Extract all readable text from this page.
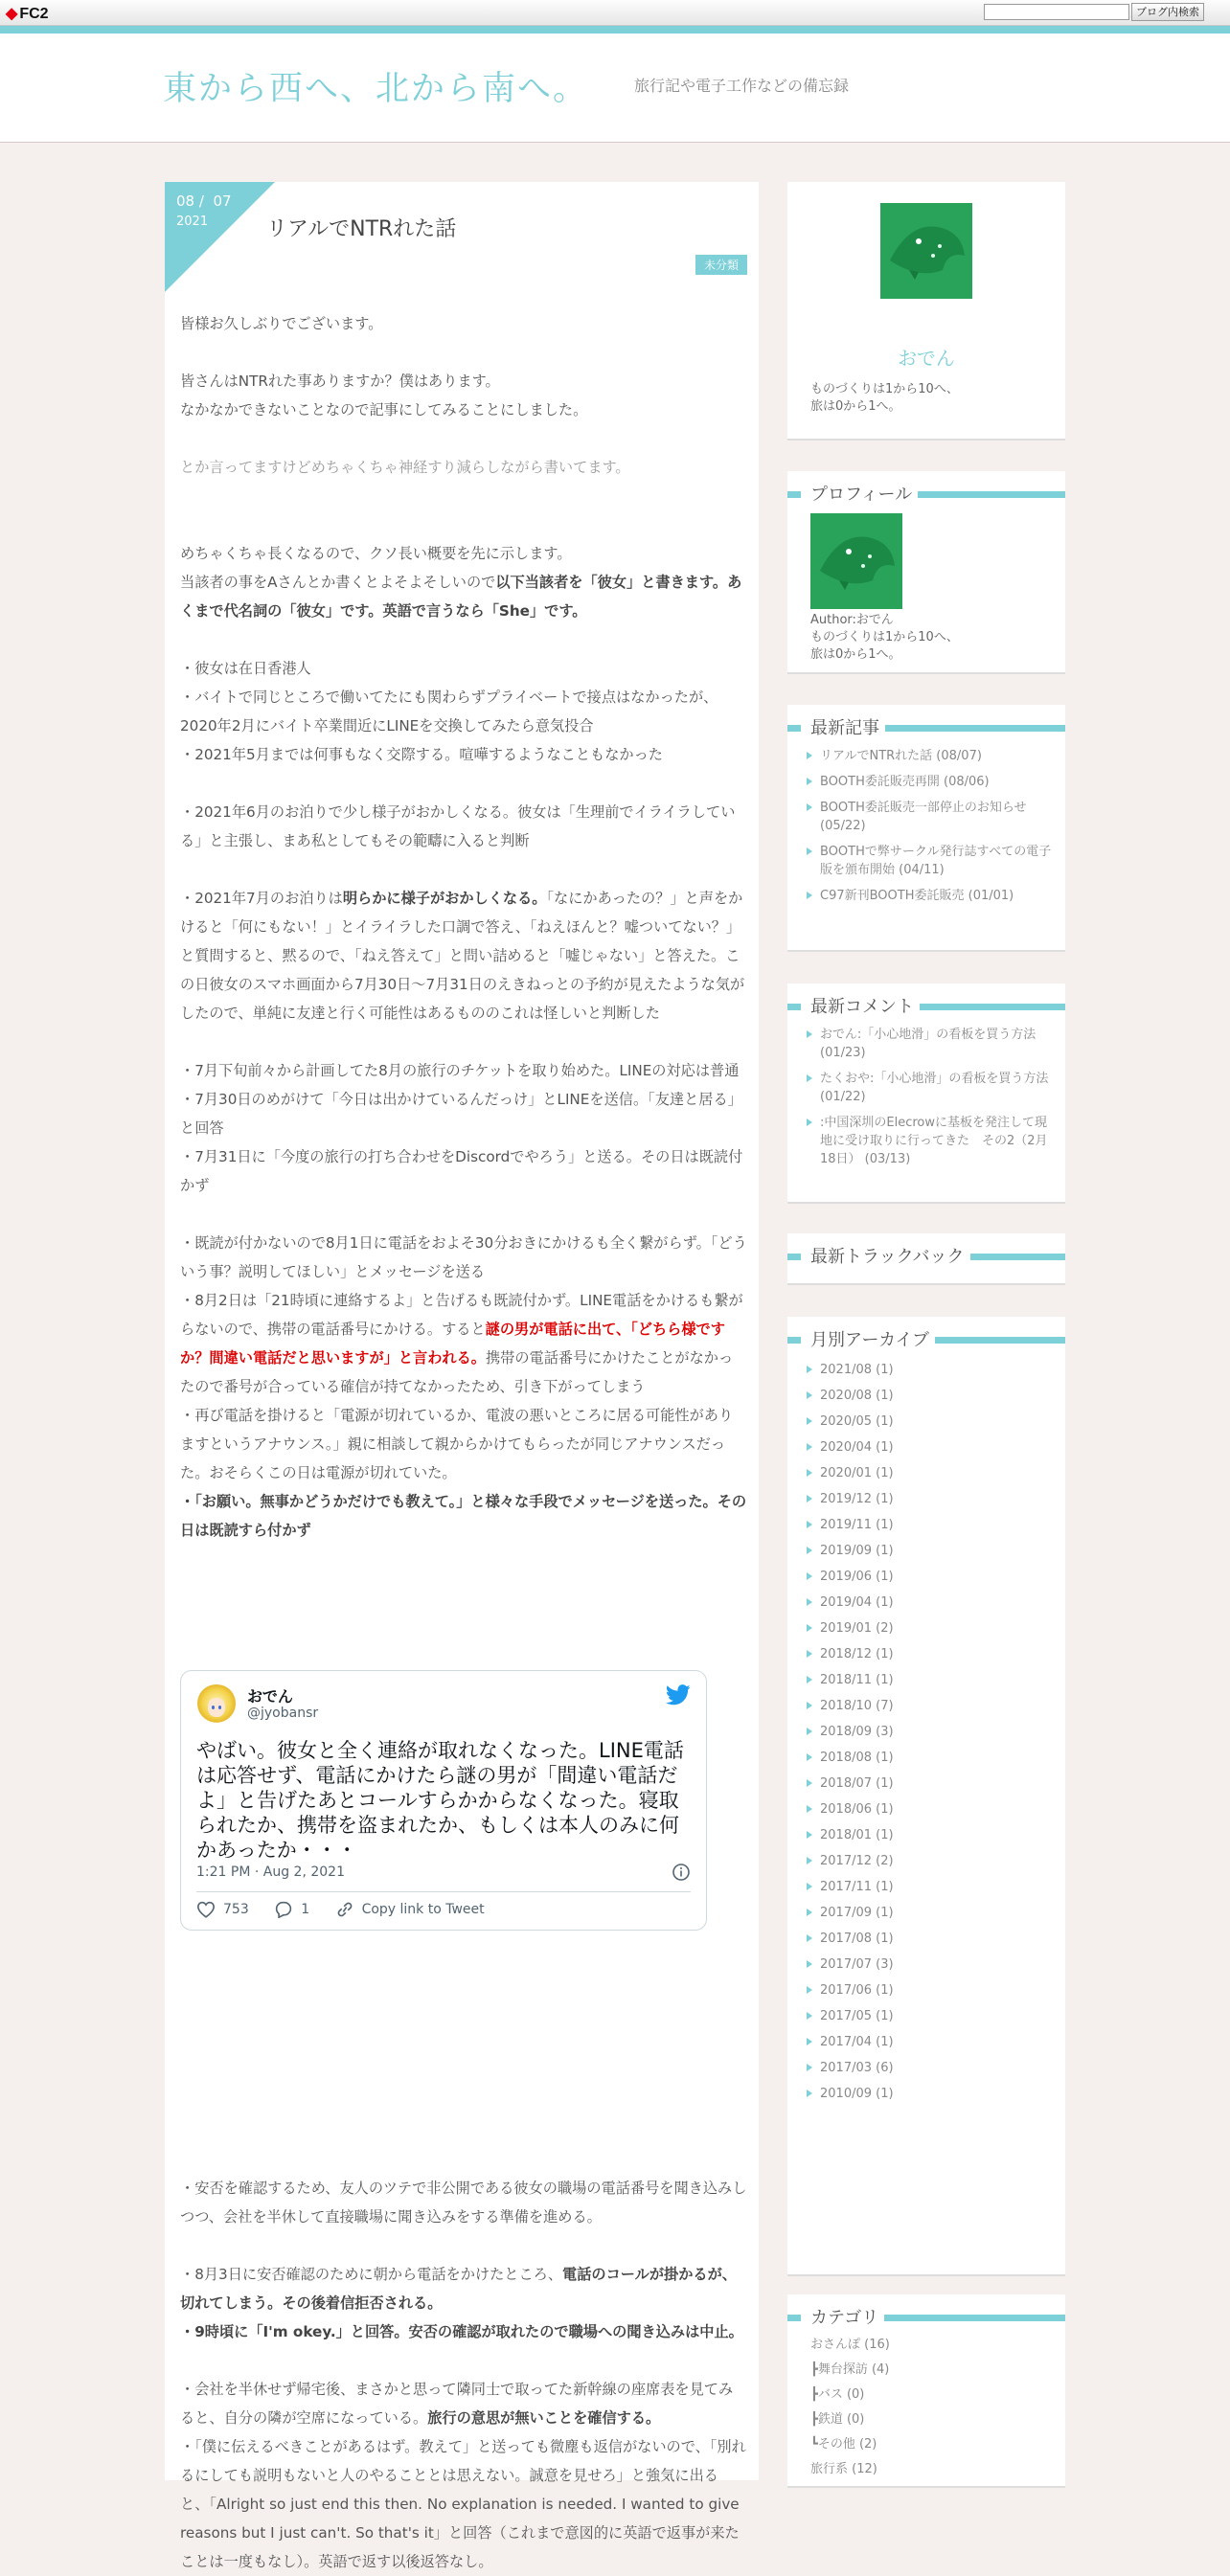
◆ FC2	ブログ内検索
東から西へ、北から南へ。	旅行記や電子工作などの備忘録
08 /  07
2021	リアルでNTRれた話
未分類

皆様お久しぶりでございます。

皆さんはNTRれた事ありますか？僕はあります。

なかなかできないことなので記事にしてみることにしました。

とか言ってますけどめちゃくちゃ神経すり減らしながら書いてます。

めちゃくちゃ長くなるので、クソ長い概要を先に示します。

当該者の事をAさんとか書くとよそよそしいので以下当該者を「彼女」と書きます。あくまで代名詞の「彼女」です。英語で言うなら「She」です。

・彼女は在日香港人

・バイトで同じところで働いてたにも関わらずプライベートで接点はなかったが、2020年2月にバイト卒業間近にLINEを交換してみたら意気投合

・2021年5月までは何事もなく交際する。喧嘩するようなこともなかった

・2021年6月のお泊りで少し様子がおかしくなる。彼女は「生理前でイライラしている」と主張し、まあ私としてもその範疇に入ると判断

・2021年7月のお泊りは明らかに様子がおかしくなる。「なにかあったの？」と声をかけると「何にもない！」とイライラした口調で答え、「ねえほんと？嘘ついてない？」と質問すると、黙るので、「ねえ答えて」と問い詰めると「嘘じゃない」と答えた。この日彼女のスマホ画面から7月30日～7月31日のえきねっとの予約が見えたような気がしたので、単純に友達と行く可能性はあるもののこれは怪しいと判断した

・7月下旬前々から計画してた8月の旅行のチケットを取り始めた。LINEの対応は普通

・7月30日のめがけて「今日は出かけているんだっけ」とLINEを送信。「友達と居る」と回答

・7月31日に「今度の旅行の打ち合わせをDiscordでやろう」と送る。その日は既読付かず

・既読が付かないので8月1日に電話をおよそ30分おきにかけるも全く繋がらず。「どういう事？説明してほしい」とメッセージを送る

・8月2日は「21時頃に連絡するよ」と告げるも既読付かず。LINE電話をかけるも繋がらないので、携帯の電話番号にかける。すると謎の男が電話に出て、「どちら様ですか？間違い電話だと思いますが」と言われる。携帯の電話番号にかけたことがなかったので番号が合っている確信が持てなかったため、引き下がってしまう

・再び電話を掛けると「電源が切れているか、電波の悪いところに居る可能性がありますというアナウンス。」親に相談して親からかけてもらったが同じアナウンスだった。おそらくこの日は電源が切れていた。

・「お願い。無事かどうかだけでも教えて。」と様々な手段でメッセージを送った。その日は既読すら付かず

おでん
@jyobansr
やばい。彼女と全く連絡が取れなくなった。LINE電話は応答せず、電話にかけたら謎の男が「間違い電話だよ」と告げたあとコールすらかからなくなった。寝取られたか、携帯を盗まれたか、もしくは本人のみに何かあったか・・・
1:21 PM · Aug 2, 2021
753
	1
	Copy link to Tweet

・安否を確認するため、友人のツテで非公開である彼女の職場の電話番号を聞き込みしつつ、会社を半休して直接職場に聞き込みをする準備を進める。

・8月3日に安否確認のために朝から電話をかけたところ、電話のコールが掛かるが、切れてしまう。その後着信拒否される。

・9時頃に「I'm okey.」と回答。安否の確認が取れたので職場への聞き込みは中止。

・会社を半休せず帰宅後、まさかと思って隣同士で取ってた新幹線の座席表を見てみると、自分の隣が空席になっている。旅行の意思が無いことを確信する。

・「僕に伝えるべきことがあるはず。教えて」と送っても微塵も返信がないので、「別れるにしても説明もないと人のやることとは思えない。誠意を見せろ」と強気に出ると、「Alright so just end this then. No explanation is needed. I wanted to give reasons but I just can't. So that's it」と回答（これまで意図的に英語で返事が来たことは一度もなし）。英語で返す以後返答なし。

おでん
ものづくりは1から10へ、
旅は0から1へ。
プロフィール
Author:おでん
ものづくりは1から10へ、
旅は0から1へ。
最新記事
リアルでNTRれた話 (08/07)
BOOTH委託販売再開 (08/06)
BOOTH委託販売一部停止のお知らせ (05/22)
BOOTHで弊サークル発行誌すべての電子版を頒布開始 (04/11)
C97新刊BOOTH委託販売 (01/01)
最新コメント
おでん:「小心地滑」の看板を買う方法 (01/23)
たくおや:「小心地滑」の看板を買う方法 (01/22)
:中国深圳のElecrowに基板を発注して現地に受け取りに行ってきた　その2（2月18日） (03/13)
最新トラックバック
月別アーカイブ
2021/08 (1)
2020/08 (1)
2020/05 (1)
2020/04 (1)
2020/01 (1)
2019/12 (1)
2019/11 (1)
2019/09 (1)
2019/06 (1)
2019/04 (1)
2019/01 (2)
2018/12 (1)
2018/11 (1)
2018/10 (7)
2018/09 (3)
2018/08 (1)
2018/07 (1)
2018/06 (1)
2018/01 (1)
2017/12 (2)
2017/11 (1)
2017/09 (1)
2017/08 (1)
2017/07 (3)
2017/06 (1)
2017/05 (1)
2017/04 (1)
2017/03 (6)
2010/09 (1)
カテゴリ
おさんぽ (16)
┣舞台探訪 (4)
┣バス (0)
┣鉄道 (0)
┗その他 (2)
旅行系 (12)
